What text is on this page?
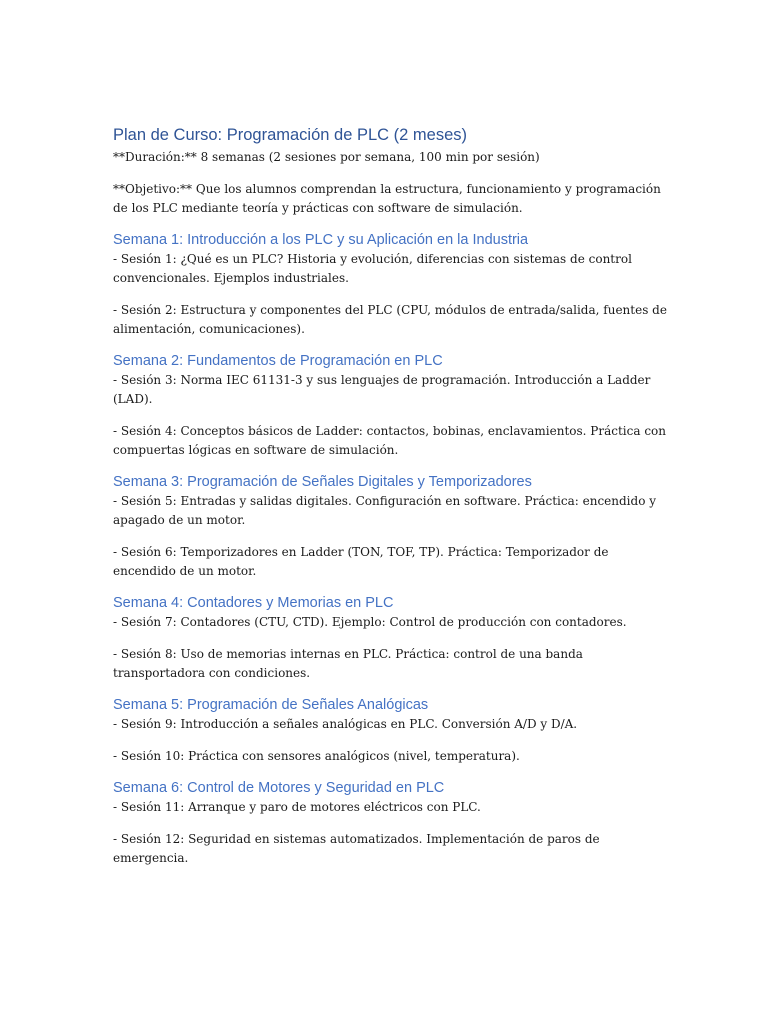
Plan de Curso: Programación de PLC (2 meses)

**Duración:** 8 semanas (2 sesiones por semana, 100 min por sesión)

**Objetivo:** Que los alumnos comprendan la estructura, funcionamiento y programación de los PLC mediante teoría y prácticas con software de simulación.

Semana 1: Introducción a los PLC y su Aplicación en la Industria

- Sesión 1: ¿Qué es un PLC? Historia y evolución, diferencias con sistemas de control convencionales. Ejemplos industriales.

- Sesión 2: Estructura y componentes del PLC (CPU, módulos de entrada/salida, fuentes de alimentación, comunicaciones).

Semana 2: Fundamentos de Programación en PLC

- Sesión 3: Norma IEC 61131-3 y sus lenguajes de programación. Introducción a Ladder (LAD).

- Sesión 4: Conceptos básicos de Ladder: contactos, bobinas, enclavamientos. Práctica con compuertas lógicas en software de simulación.

Semana 3: Programación de Señales Digitales y Temporizadores

- Sesión 5: Entradas y salidas digitales. Configuración en software. Práctica: encendido y apagado de un motor.

- Sesión 6: Temporizadores en Ladder (TON, TOF, TP). Práctica: Temporizador de encendido de un motor.

Semana 4: Contadores y Memorias en PLC

- Sesión 7: Contadores (CTU, CTD). Ejemplo: Control de producción con contadores.

- Sesión 8: Uso de memorias internas en PLC. Práctica: control de una banda transportadora con condiciones.

Semana 5: Programación de Señales Analógicas

- Sesión 9: Introducción a señales analógicas en PLC. Conversión A/D y D/A.

- Sesión 10: Práctica con sensores analógicos (nivel, temperatura).

Semana 6: Control de Motores y Seguridad en PLC

- Sesión 11: Arranque y paro de motores eléctricos con PLC.

- Sesión 12: Seguridad en sistemas automatizados. Implementación de paros de emergencia.
